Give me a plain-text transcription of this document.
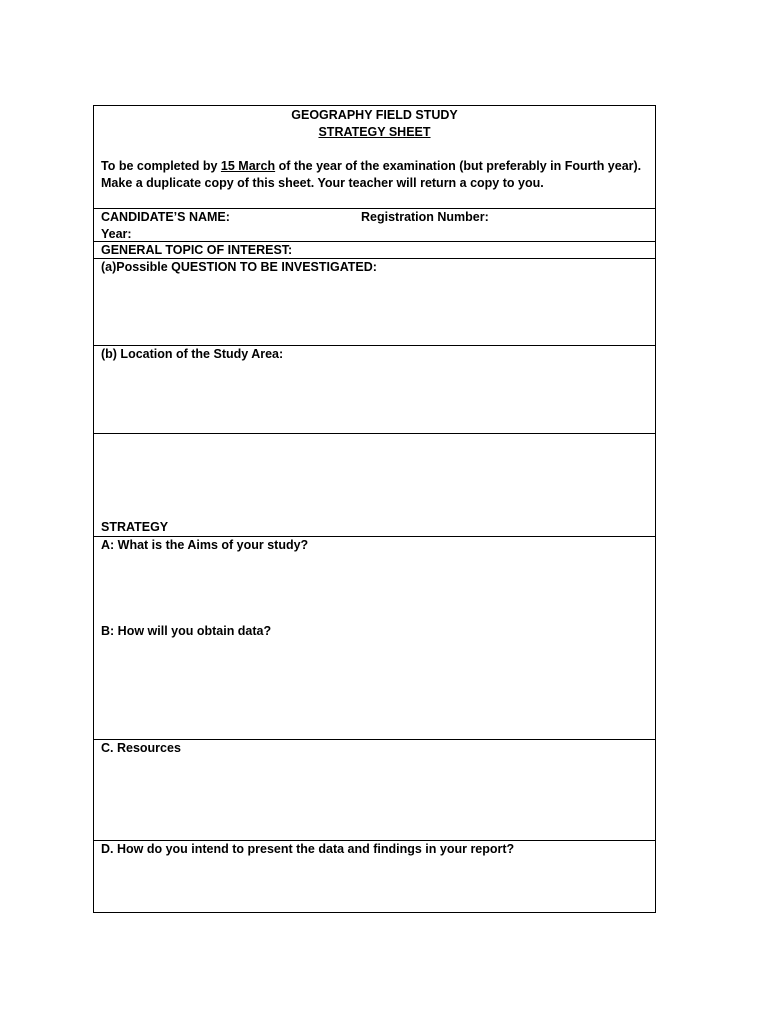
GEOGRAPHY FIELD STUDY
STRATEGY SHEET
To be completed by 15 March of the year of the examination (but preferably in Fourth year).
Make a duplicate copy of this sheet. Your teacher will return a copy to you.
CANDIDATE’S NAME:	Registration Number:
Year:
GENERAL TOPIC OF INTEREST:
(a)Possible QUESTION TO BE INVESTIGATED:
(b) Location of the Study Area:
STRATEGY
A: What is the Aims of your study?
B: How will you obtain data?
C. Resources
D. How do you intend to present the data and findings in your report?
